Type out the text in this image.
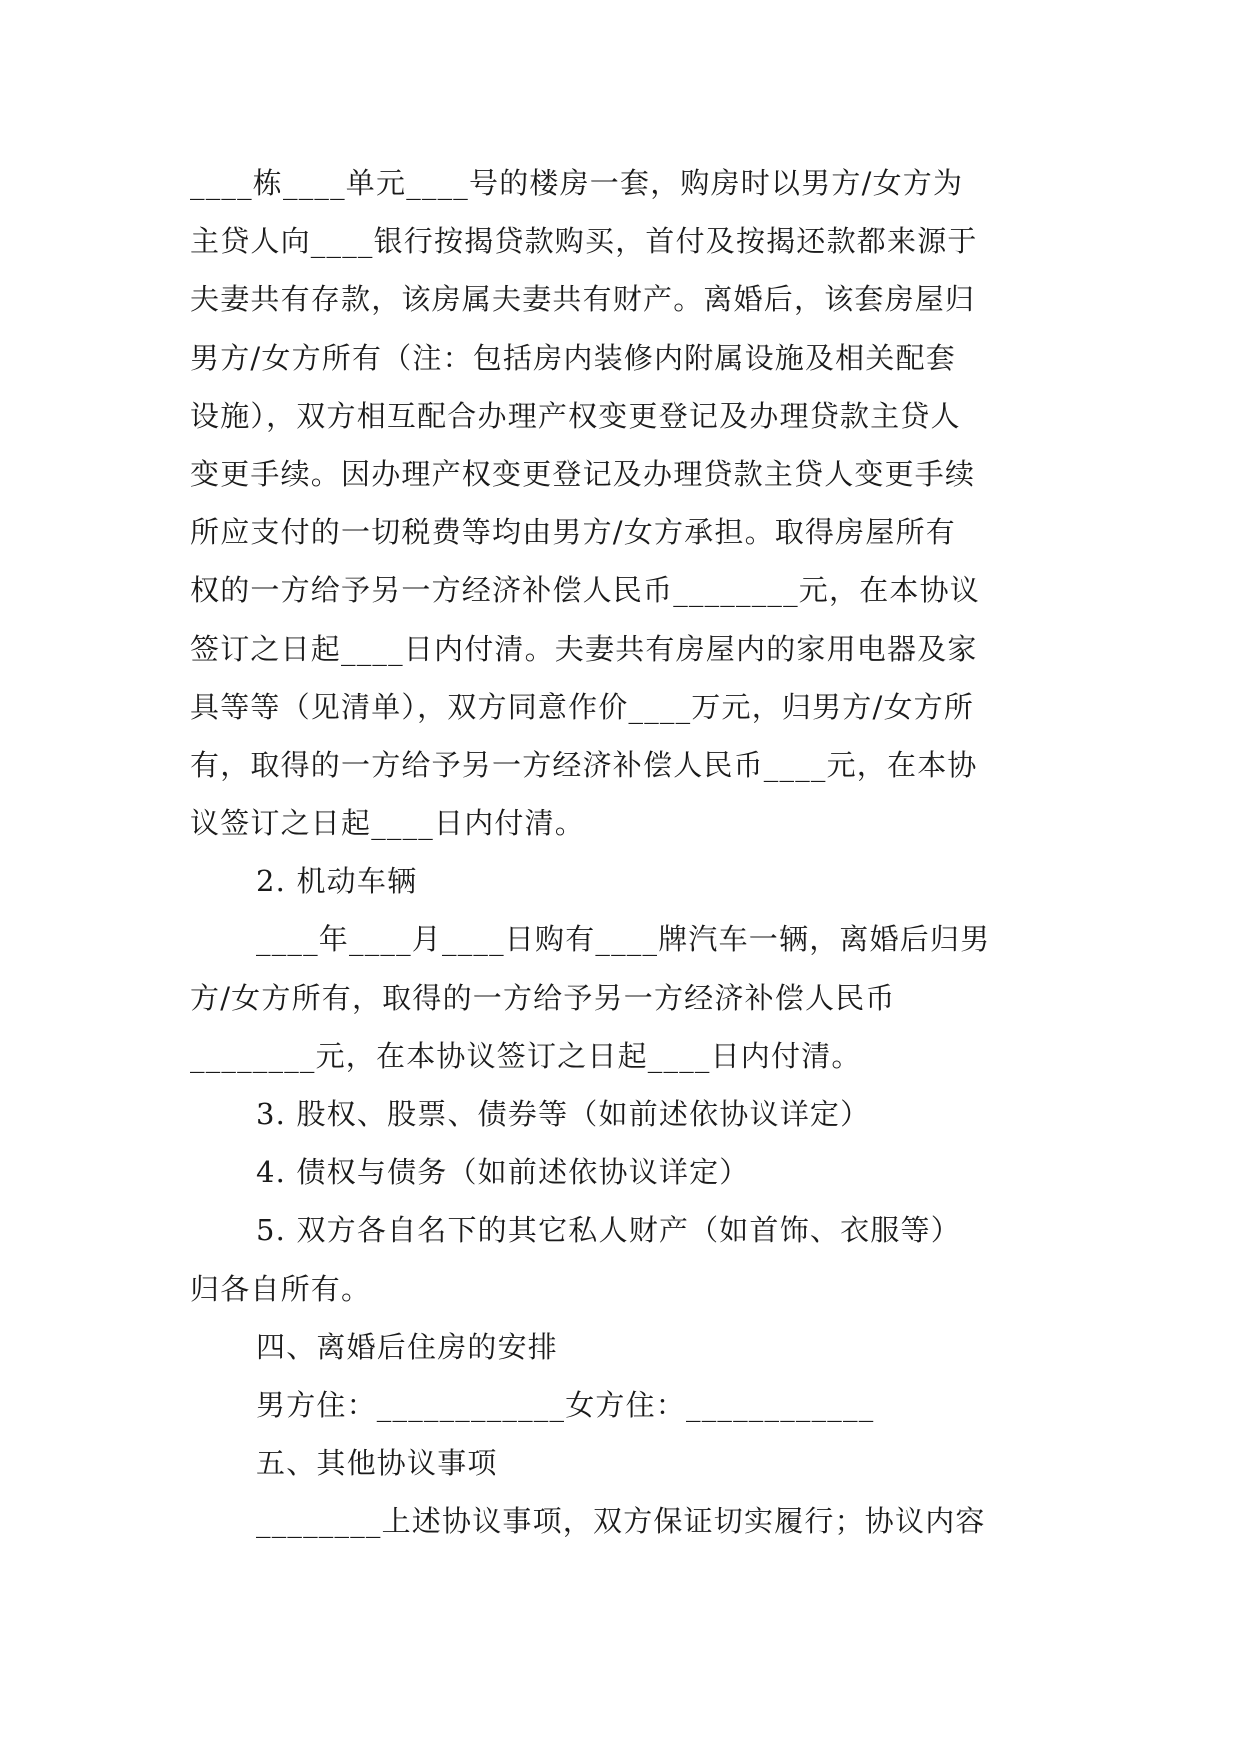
____栋____单元____号的楼房一套，购房时以男方/女方为
主贷人向____银行按揭贷款购买，首付及按揭还款都来源于
夫妻共有存款，该房属夫妻共有财产。离婚后，该套房屋归
男方/女方所有（注：包括房内装修内附属设施及相关配套
设施），双方相互配合办理产权变更登记及办理贷款主贷人
变更手续。因办理产权变更登记及办理贷款主贷人变更手续
所应支付的一切税费等均由男方/女方承担。取得房屋所有
权的一方给予另一方经济补偿人民币________元，在本协议
签订之日起____日内付清。夫妻共有房屋内的家用电器及家
具等等（见清单），双方同意作价____万元，归男方/女方所
有，取得的一方给予另一方经济补偿人民币____元，在本协
议签订之日起____日内付清。
2. 机动车辆
____年____月____日购有____牌汽车一辆，离婚后归男
方/女方所有，取得的一方给予另一方经济补偿人民币
________元，在本协议签订之日起____日内付清。
3. 股权、股票、债券等（如前述依协议详定）
4. 债权与债务（如前述依协议详定）
5. 双方各自名下的其它私人财产（如首饰、衣服等）
归各自所有。
四、离婚后住房的安排
男方住：____________女方住：____________
五、其他协议事项
________上述协议事项，双方保证切实履行；协议内容
